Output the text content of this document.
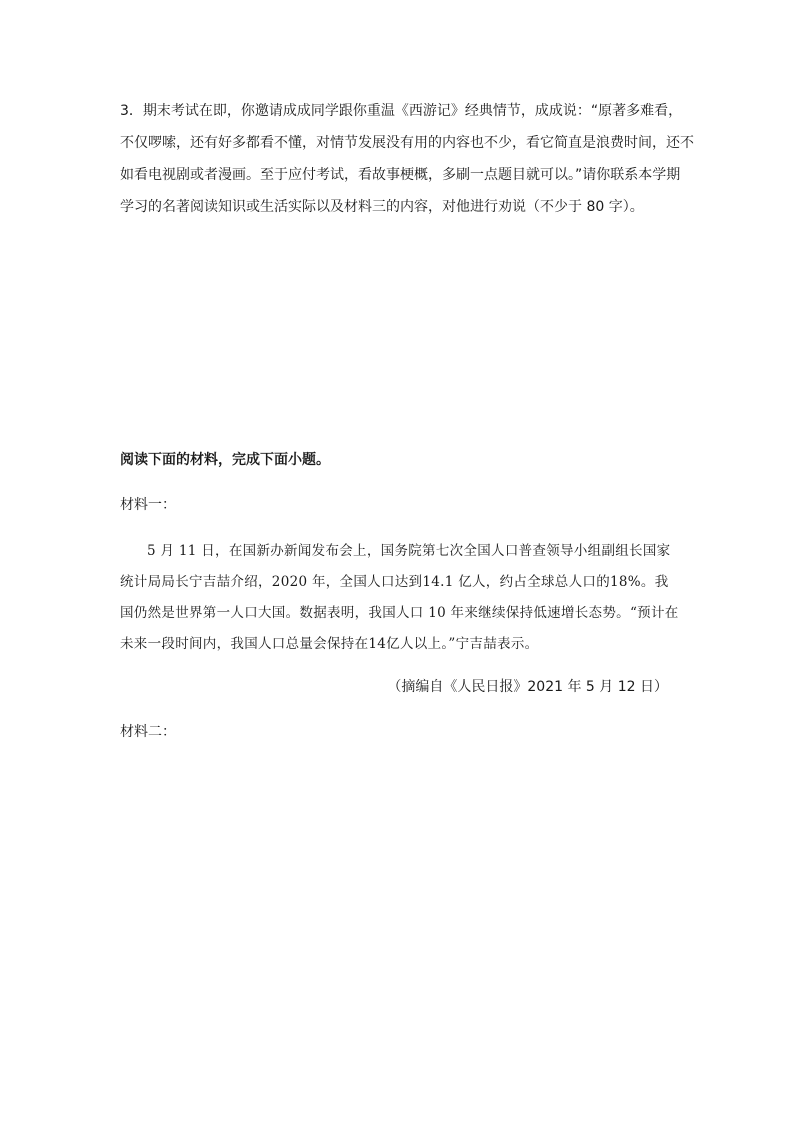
3．期末考试在即，你邀请成成同学跟你重温《西游记》经典情节，成成说：“原著多难看，不仅啰嗦，还有好多都看不懂，对情节发展没有用的内容也不少，看它简直是浪费时间，还不如看电视剧或者漫画。至于应付考试，看故事梗概，多刷一点题目就可以。”请你联系本学期学习的名著阅读知识或生活实际以及材料三的内容，对他进行劝说（不少于 80 字）。

阅读下面的材料，完成下面小题。

材料一：

5 月 11 日，在国新办新闻发布会上，国务院第七次全国人口普查领导小组副组长国家统计局局长宁吉喆介绍，2020 年，全国人口达到14.1 亿人，约占全球总人口的18%。我国仍然是世界第一人口大国。数据表明，我国人口 10 年来继续保持低速增长态势。“预计在未来一段时间内，我国人口总量会保持在14亿人以上。”宁吉喆表示。

（摘编自《人民日报》2021 年 5 月 12 日）

材料二：
